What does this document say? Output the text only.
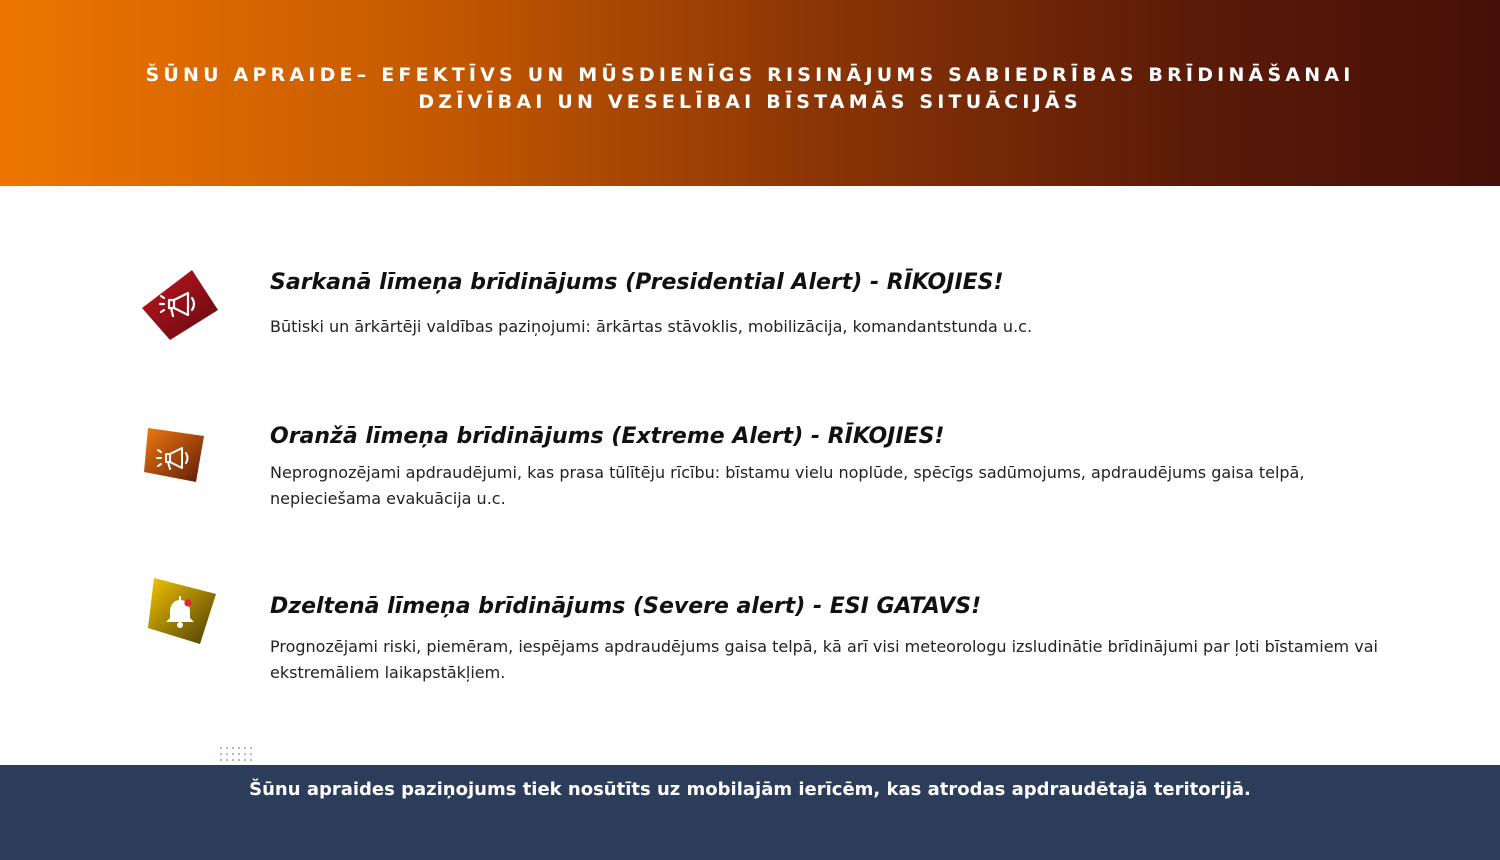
ŠŪNU APRAIDE– EFEKTĪVS UN MŪSDIENĪGS RISINĀJUMS SABIEDRĪBAS BRĪDINĀŠANAI
DZĪVĪBAI UN VESELĪBAI BĪSTAMĀS SITUĀCIJĀS
Sarkanā līmeņa brīdinājums (Presidential Alert) - RĪKOJIES!

Būtiski un ārkārtēji valdības paziņojumi: ārkārtas stāvoklis, mobilizācija, komandantstunda u.c.

Oranžā līmeņa brīdinājums (Extreme Alert) - RĪKOJIES!

Neprognozējami apdraudējumi, kas prasa tūlītēju rīcību: bīstamu vielu noplūde, spēcīgs sadūmojums, apdraudējums gaisa telpā, nepieciešama evakuācija u.c.

Dzeltenā līmeņa brīdinājums (Severe alert) - ESI GATAVS!

Prognozējami riski, piemēram, iespējams apdraudējums gaisa telpā, kā arī visi meteorologu izsludinātie brīdinājumi par ļoti bīstamiem vai ekstremāliem laikapstākļiem.

Šūnu apraides paziņojums tiek nosūtīts uz mobilajām ierīcēm, kas atrodas apdraudētajā teritorijā.
